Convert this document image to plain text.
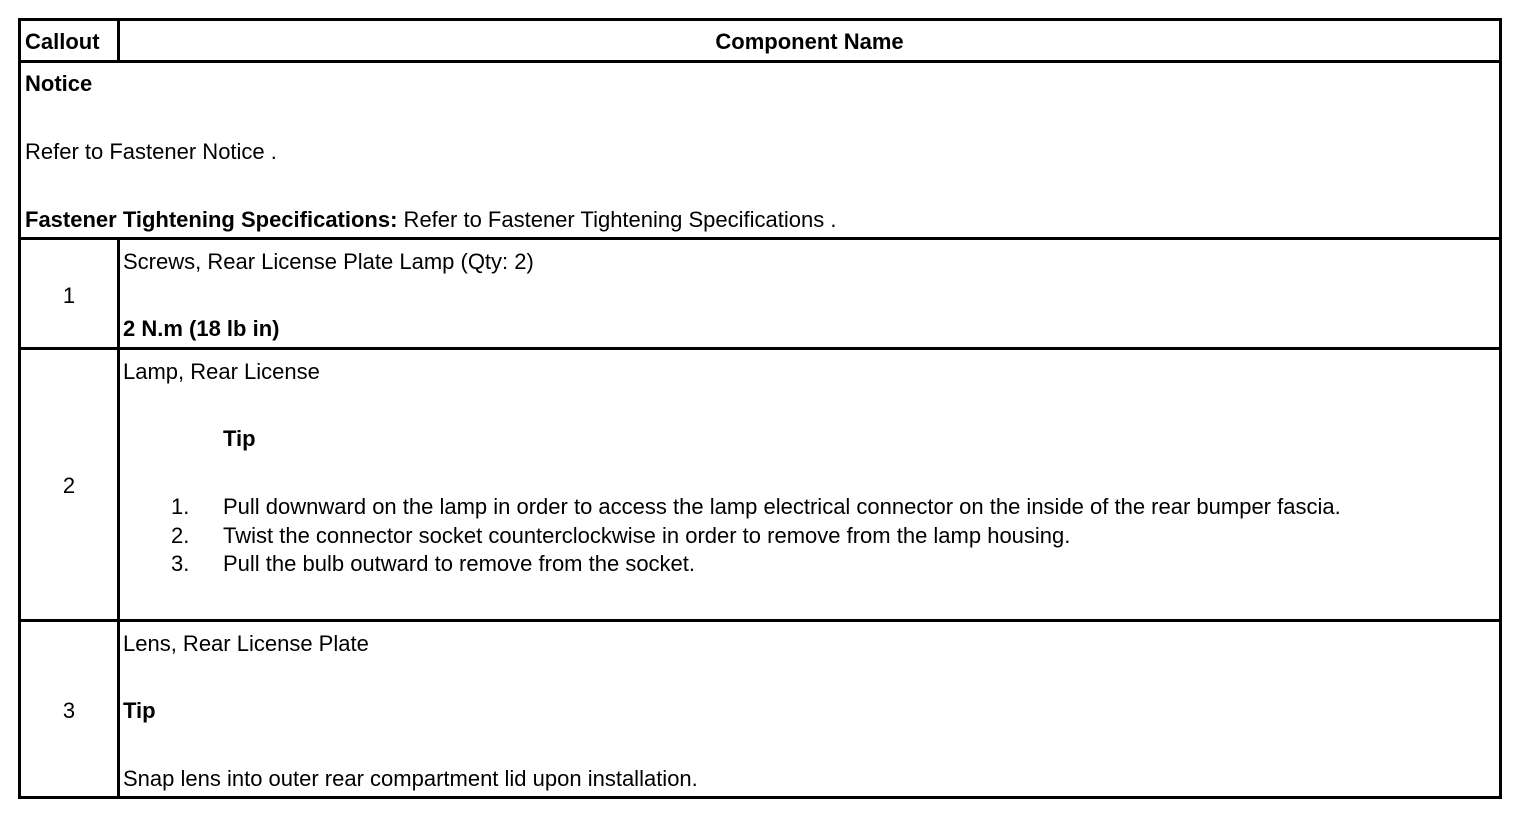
Callout	Component Name
Notice
Refer to Fastener Notice .
Fastener Tightening Specifications: Refer to Fastener Tightening Specifications .
1
Screws, Rear License Plate Lamp (Qty: 2)
2 N.m (18 lb in)
2
Lamp, Rear License
Tip
1. Pull downward on the lamp in order to access the lamp electrical connector on the inside of the rear bumper fascia.
2. Twist the connector socket counterclockwise in order to remove from the lamp housing.
3. Pull the bulb outward to remove from the socket.
3
Lens, Rear License Plate
Tip
Snap lens into outer rear compartment lid upon installation.
